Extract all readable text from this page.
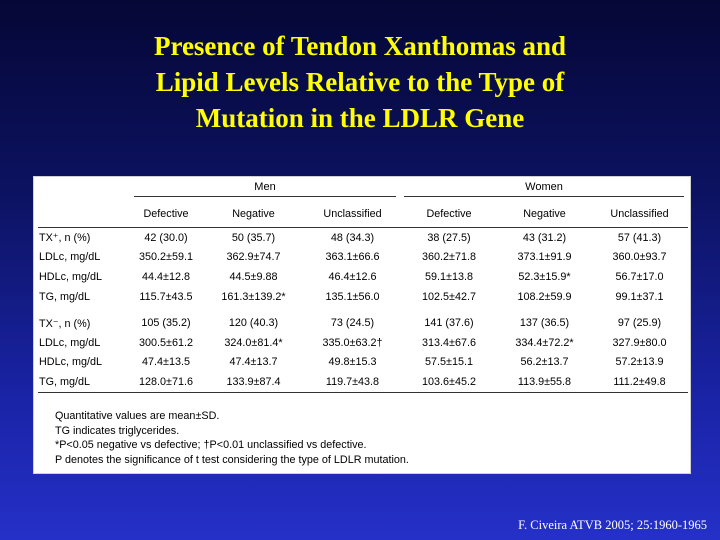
Presence of Tendon Xanthomas and
Lipid Levels Relative to the Type of
Mutation in the LDLR Gene

	Men			Women		

	Defective	Negative	Unclassified	Defective	Negative	Unclassified
TX⁺, n (%)	42 (30.0)	50 (35.7)	48 (34.3)	38 (27.5)	43 (31.2)	57 (41.3)
LDLc, mg/dL	350.2±59.1	362.9±74.7	363.1±66.6	360.2±71.8	373.1±91.9	360.0±93.7
HDLc, mg/dL	44.4±12.8	44.5±9.88	46.4±12.6	59.1±13.8	52.3±15.9*	56.7±17.0
TG, mg/dL	115.7±43.5	161.3±139.2*	135.1±56.0	102.5±42.7	108.2±59.9	99.1±37.1

TX⁻, n (%)	105 (35.2)	120 (40.3)	73 (24.5)	141 (37.6)	137 (36.5)	97 (25.9)
LDLc, mg/dL	300.5±61.2	324.0±81.4*	335.0±63.2†	313.4±67.6	334.4±72.2*	327.9±80.0
HDLc, mg/dL	47.4±13.5	47.4±13.7	49.8±15.3	57.5±15.1	56.2±13.7	57.2±13.9
TG, mg/dL	128.0±71.6	133.9±87.4	119.7±43.8	103.6±45.2	113.9±55.8	111.2±49.8
Quantitative values are mean±SD.
TG indicates triglycerides.
*P<0.05 negative vs defective; †P<0.01 unclassified vs defective.
P denotes the significance of t test considering the type of LDLR mutation.
F. Civeira ATVB 2005; 25:1960-1965
